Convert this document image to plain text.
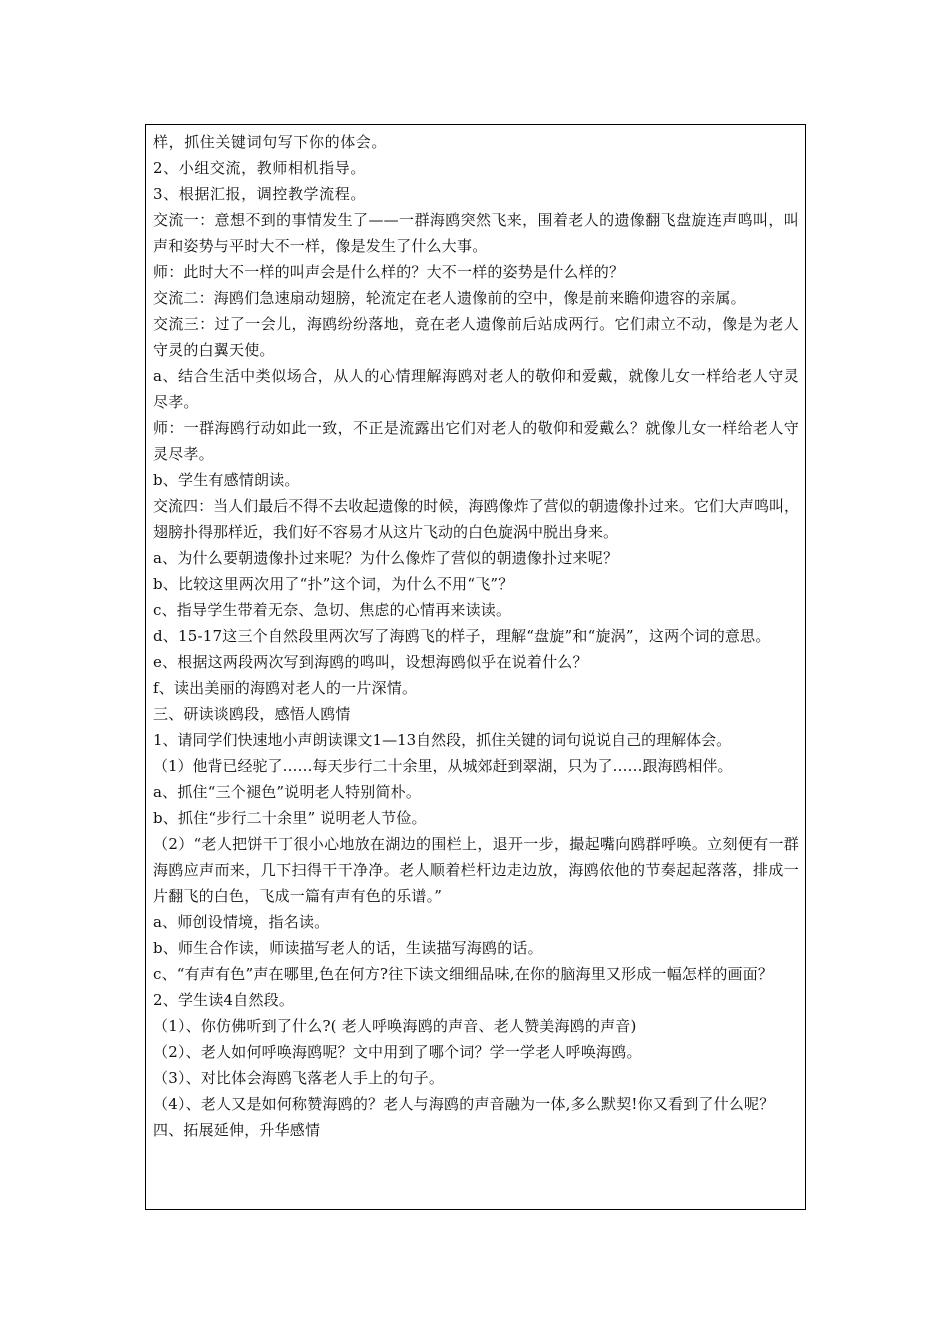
样，抓住关键词句写下你的体会。

2、小组交流，教师相机指导。

3、根据汇报，调控教学流程。

交流一：意想不到的事情发生了——一群海鸥突然飞来，围着老人的遗像翻飞盘旋连声鸣叫，叫声和姿势与平时大不一样，像是发生了什么大事。

师：此时大不一样的叫声会是什么样的？大不一样的姿势是什么样的？

交流二：海鸥们急速扇动翅膀，轮流定在老人遗像前的空中，像是前来瞻仰遗容的亲属。

交流三：过了一会儿，海鸥纷纷落地，竟在老人遗像前后站成两行。它们肃立不动，像是为老人守灵的白翼天使。

a、结合生活中类似场合，从人的心情理解海鸥对老人的敬仰和爱戴，就像儿女一样给老人守灵尽孝。

师：一群海鸥行动如此一致，不正是流露出它们对老人的敬仰和爱戴么？就像儿女一样给老人守灵尽孝。

b、学生有感情朗读。

交流四：当人们最后不得不去收起遗像的时候，海鸥像炸了营似的朝遗像扑过来。它们大声鸣叫，翅膀扑得那样近，我们好不容易才从这片飞动的白色旋涡中脱出身来。

a、为什么要朝遗像扑过来呢？为什么像炸了营似的朝遗像扑过来呢？

b、比较这里两次用了“扑”这个词，为什么不用“飞”？

c、指导学生带着无奈、急切、焦虑的心情再来读读。

d、15-17这三个自然段里两次写了海鸥飞的样子，理解“盘旋”和“旋涡”，这两个词的意思。

e、根据这两段两次写到海鸥的鸣叫，设想海鸥似乎在说着什么？

f、读出美丽的海鸥对老人的一片深情。

三、研读谈鸥段，感悟人鸥情

1、请同学们快速地小声朗读课文1—13自然段，抓住关键的词句说说自己的理解体会。

（1）他背已经驼了……每天步行二十余里，从城郊赶到翠湖，只为了……跟海鸥相伴。

a、抓住“三个褪色”说明老人特别简朴。

b、抓住“步行二十余里” 说明老人节俭。

（2）“老人把饼干丁很小心地放在湖边的围栏上，退开一步，撮起嘴向鸥群呼唤。立刻便有一群海鸥应声而来，几下扫得干干净净。老人顺着栏杆边走边放，海鸥依他的节奏起起落落，排成一片翻飞的白色，飞成一篇有声有色的乐谱。”

a、师创设情境，指名读。

b、师生合作读，师读描写老人的话，生读描写海鸥的话。

c、“有声有色”声在哪里,色在何方?往下读文细细品味,在你的脑海里又形成一幅怎样的画面？

2、学生读4自然段。

（1）、你仿佛听到了什么?( 老人呼唤海鸥的声音、老人赞美海鸥的声音)

（2）、老人如何呼唤海鸥呢？文中用到了哪个词？学一学老人呼唤海鸥。

（3）、对比体会海鸥飞落老人手上的句子。

（4）、老人又是如何称赞海鸥的？老人与海鸥的声音融为一体,多么默契!你又看到了什么呢？

四、拓展延伸，升华感情
